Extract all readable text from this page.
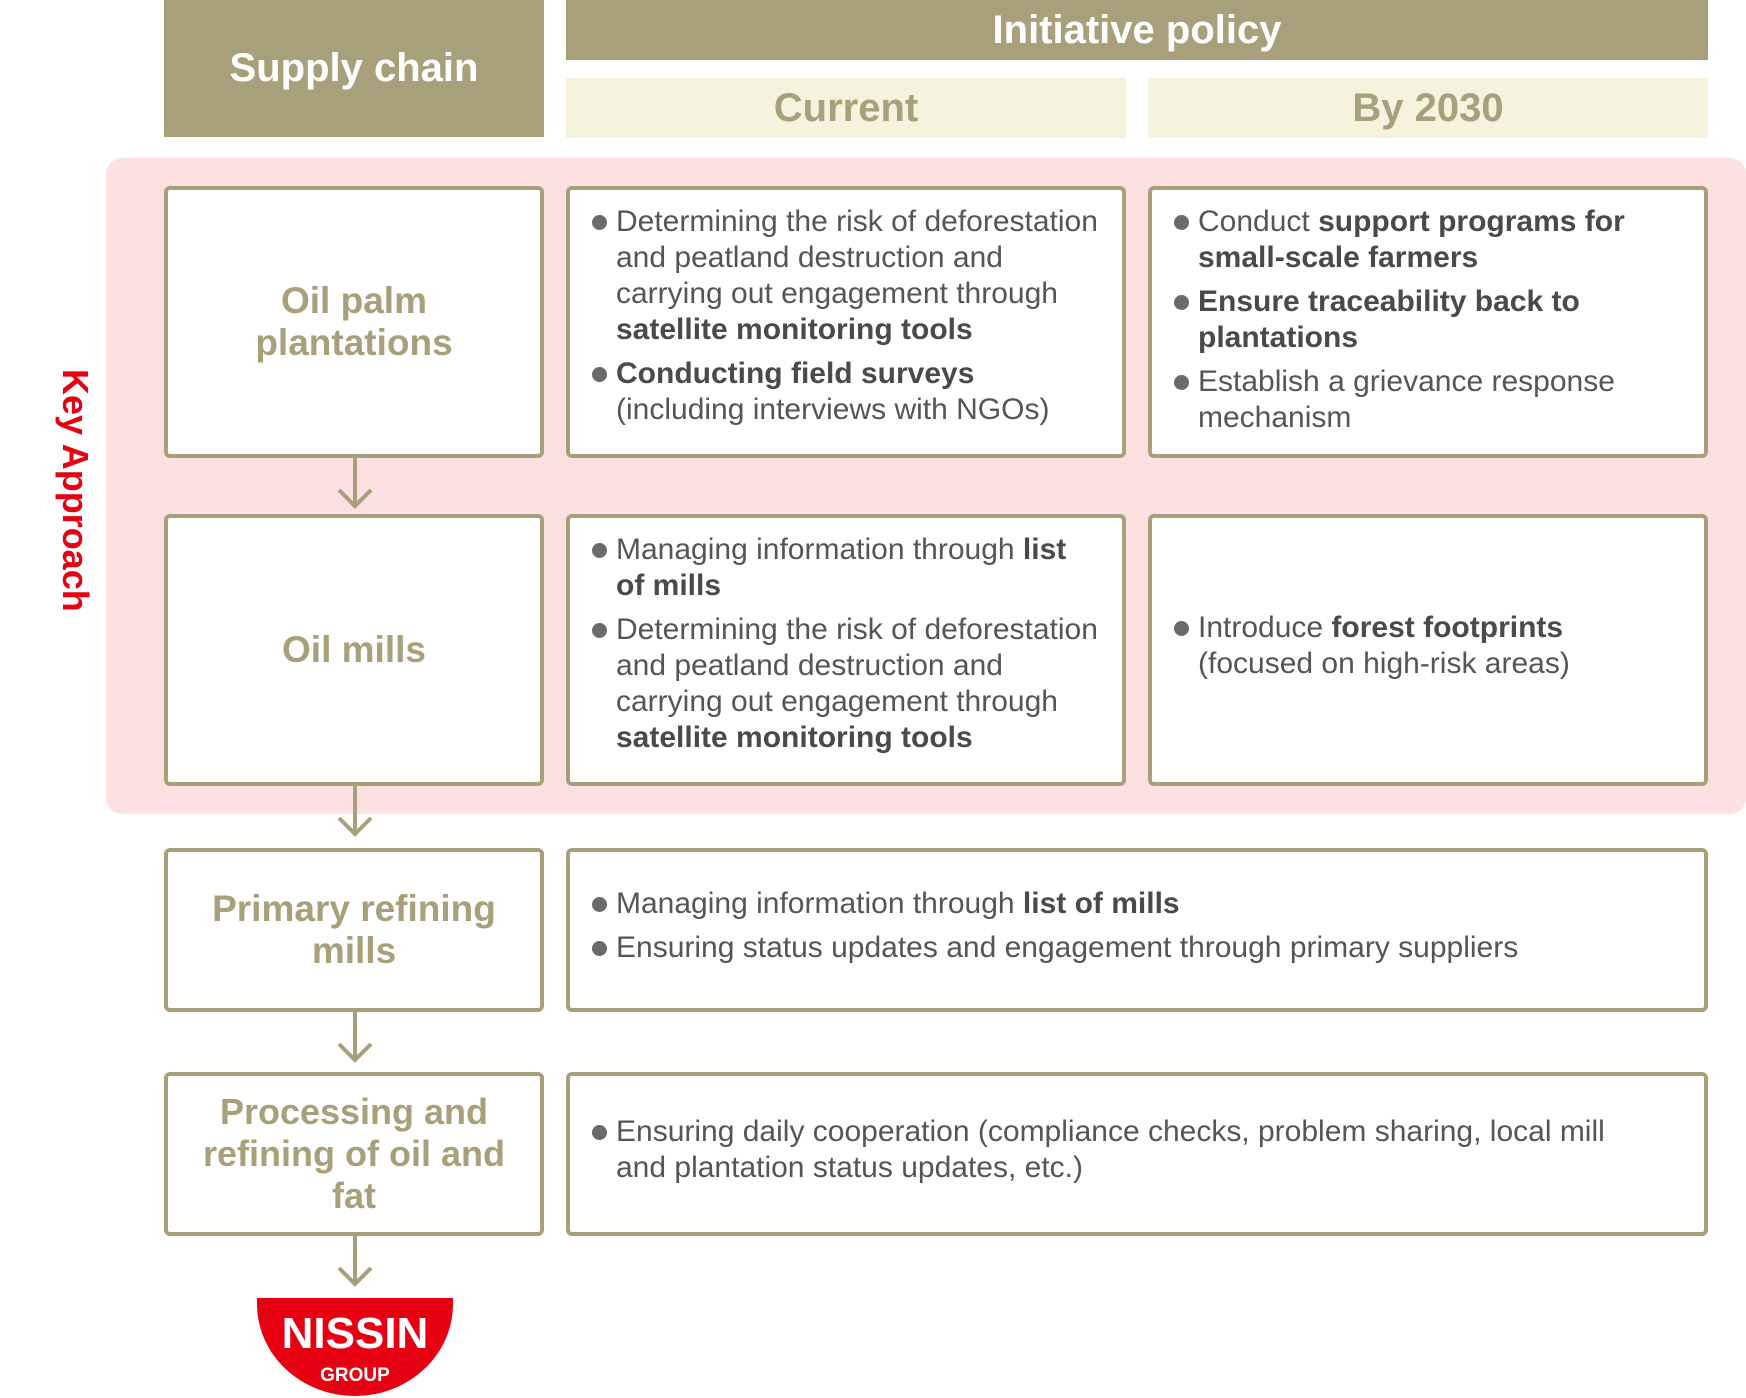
Supply chain
Initiative policy
Current	By 2030
Key Approach
Oil palm plantations
Determining the risk of deforestation and peatland destruction and carrying out engagement through satellite monitoring tools
Conducting field surveys (including interviews with NGOs)
Conduct support programs for small-scale farmers
Ensure traceability back to plantations
Establish a grievance response mechanism
Oil mills
Managing information through list of mills
Determining the risk of deforestation and peatland destruction and carrying out engagement through satellite monitoring tools
Introduce forest footprints (focused on high-risk areas)
Primary refining mills
Managing information through list of mills
Ensuring status updates and engagement through primary suppliers
Processing and refining of oil and fat
Ensuring daily cooperation (compliance checks, problem sharing, local mill and plantation status updates, etc.)
NISSIN
GROUP
